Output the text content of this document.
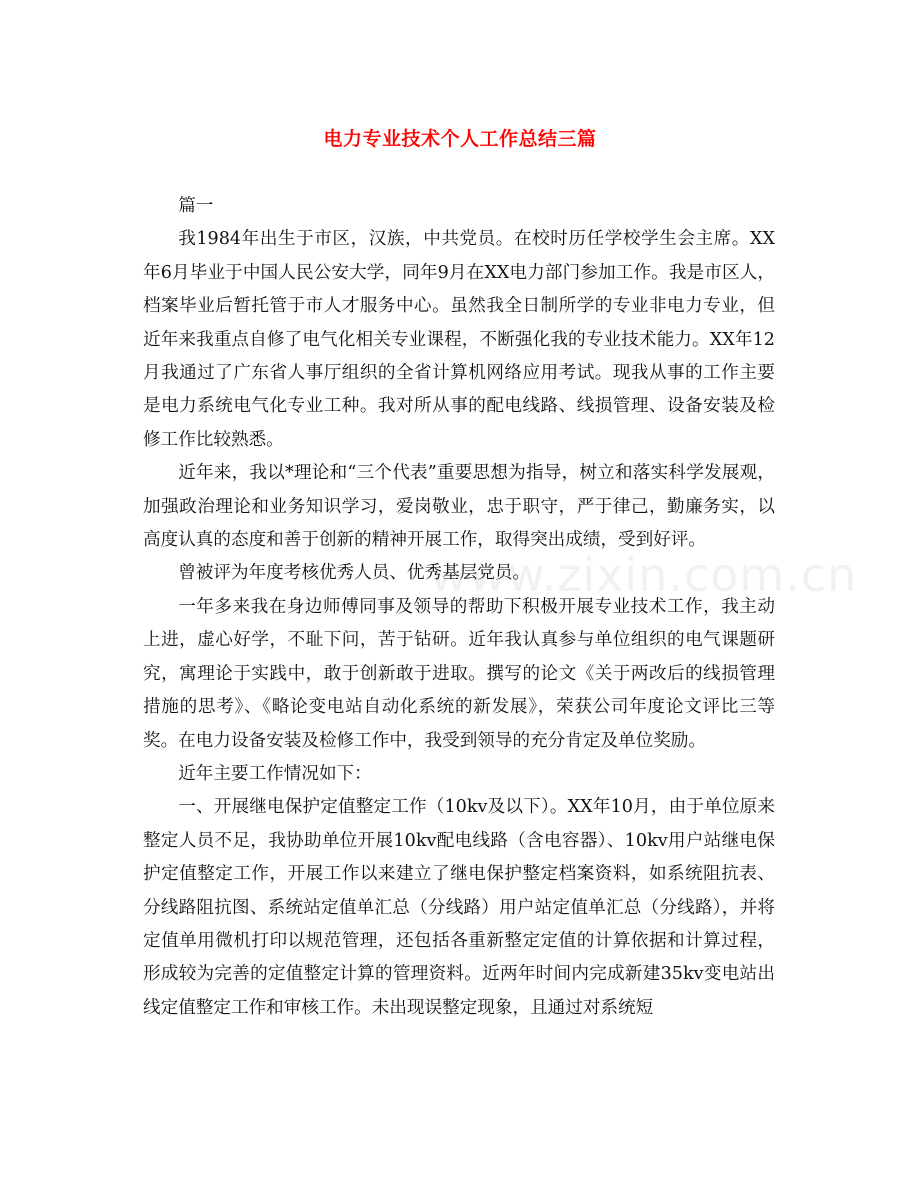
电力专业技术个人工作总结三篇

篇一

我1984年出生于市区，汉族，中共党员。在校时历任学校学生会主席。XX年6月毕业于中国人民公安大学，同年9月在XX电力部门参加工作。我是市区人，档案毕业后暂托管于市人才服务中心。虽然我全日制所学的专业非电力专业，但近年来我重点自修了电气化相关专业课程，不断强化我的专业技术能力。XX年12月我通过了广东省人事厅组织的全省计算机网络应用考试。现我从事的工作主要是电力系统电气化专业工种。我对所从事的配电线路、线损管理、设备安装及检修工作比较熟悉。

近年来，我以*理论和“三个代表”重要思想为指导，树立和落实科学发展观，加强政治理论和业务知识学习，爱岗敬业，忠于职守，严于律己，勤廉务实，以高度认真的态度和善于创新的精神开展工作，取得突出成绩，受到好评。

曾被评为年度考核优秀人员、优秀基层党员。

一年多来我在身边师傅同事及领导的帮助下积极开展专业技术工作，我主动上进，虚心好学，不耻下问，苦于钻研。近年我认真参与单位组织的电气课题研究，寓理论于实践中，敢于创新敢于进取。撰写的论文《关于两改后的线损管理措施的思考》、《略论变电站自动化系统的新发展》，荣获公司年度论文评比三等奖。在电力设备安装及检修工作中，我受到领导的充分肯定及单位奖励。

近年主要工作情况如下：

一、开展继电保护定值整定工作（10kv及以下）。XX年10月，由于单位原来整定人员不足，我协助单位开展10kv配电线路（含电容器）、10kv用户站继电保护定值整定工作，开展工作以来建立了继电保护整定档案资料，如系统阻抗表、分线路阻抗图、系统站定值单汇总（分线路）用户站定值单汇总（分线路），并将定值单用微机打印以规范管理，还包括各重新整定定值的计算依据和计算过程，形成较为完善的定值整定计算的管理资料。近两年时间内完成新建35kv变电站出线定值整定工作和审核工作。未出现误整定现象，且通过对系统短

www.zixin.com.cn
